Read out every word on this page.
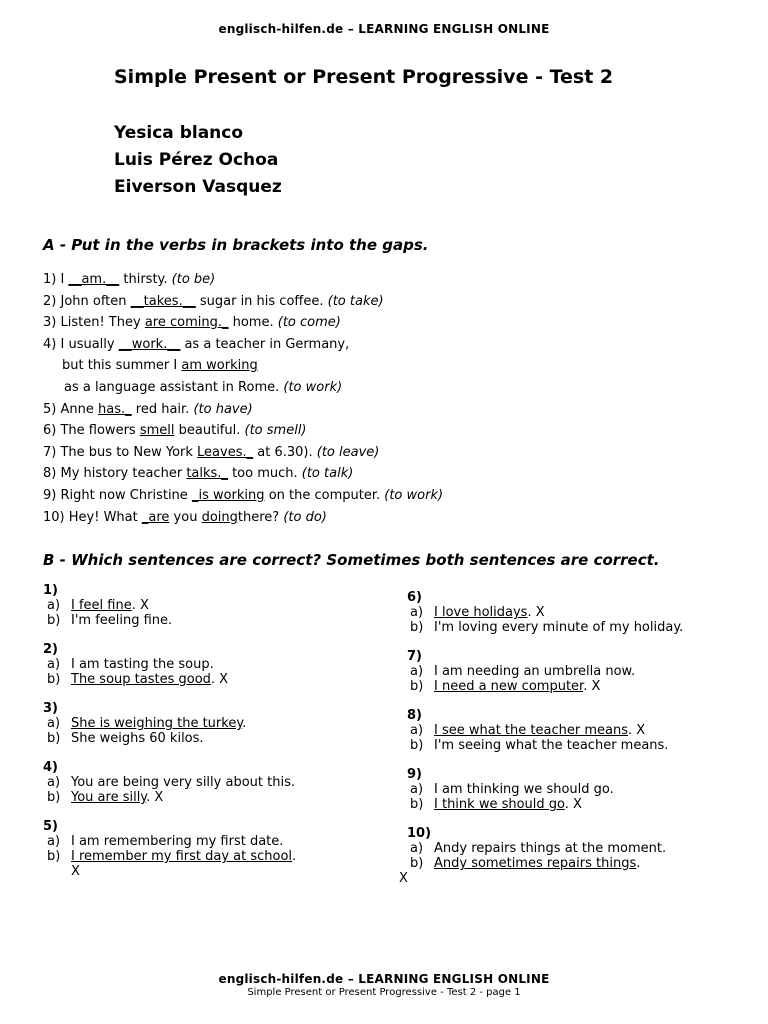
englisch-hilfen.de – LEARNING ENGLISH ONLINE
Simple Present or Present Progressive - Test 2
Yesica blanco
Luis Pérez Ochoa
Eiverson Vasquez
A - Put in the verbs in brackets into the gaps.
1) I __am.__ thirsty. (to be)
2) John often __takes.__ sugar in his coffee. (to take)
3) Listen! They are coming._ home. (to come)
4) I usually __work.__ as a teacher in Germany,
but this summer I am working
as a language assistant in Rome. (to work)
5) Anne has._ red hair. (to have)
6) The flowers smell beautiful. (to smell)
7) The bus to New York Leaves._ at 6.30). (to leave)
8) My history teacher talks._ too much. (to talk)
9) Right now Christine _is working on the computer. (to work)
10) Hey! What _are you doingthere? (to do)
B - Which sentences are correct? Sometimes both sentences are correct.
1)
a) I feel fine. X
b) I'm feeling fine.
2)
a) I am tasting the soup.
b) The soup tastes good. X
3)
a) She is weighing the turkey.
b) She weighs 60 kilos.
4)
a) You are being very silly about this.
b) You are silly. X
5)
a) I am remembering my first date.
b) I remember my first day at school.
X
6)
a) I love holidays. X
b) I'm loving every minute of my holiday.
7)
a) I am needing an umbrella now.
b) I need a new computer. X
8)
a) I see what the teacher means. X
b) I'm seeing what the teacher means.
9)
a) I am thinking we should go.
b) I think we should go. X
10)
a) Andy repairs things at the moment.
b) Andy sometimes repairs things.
X
englisch-hilfen.de – LEARNING ENGLISH ONLINE
Simple Present or Present Progressive - Test 2 - page 1
